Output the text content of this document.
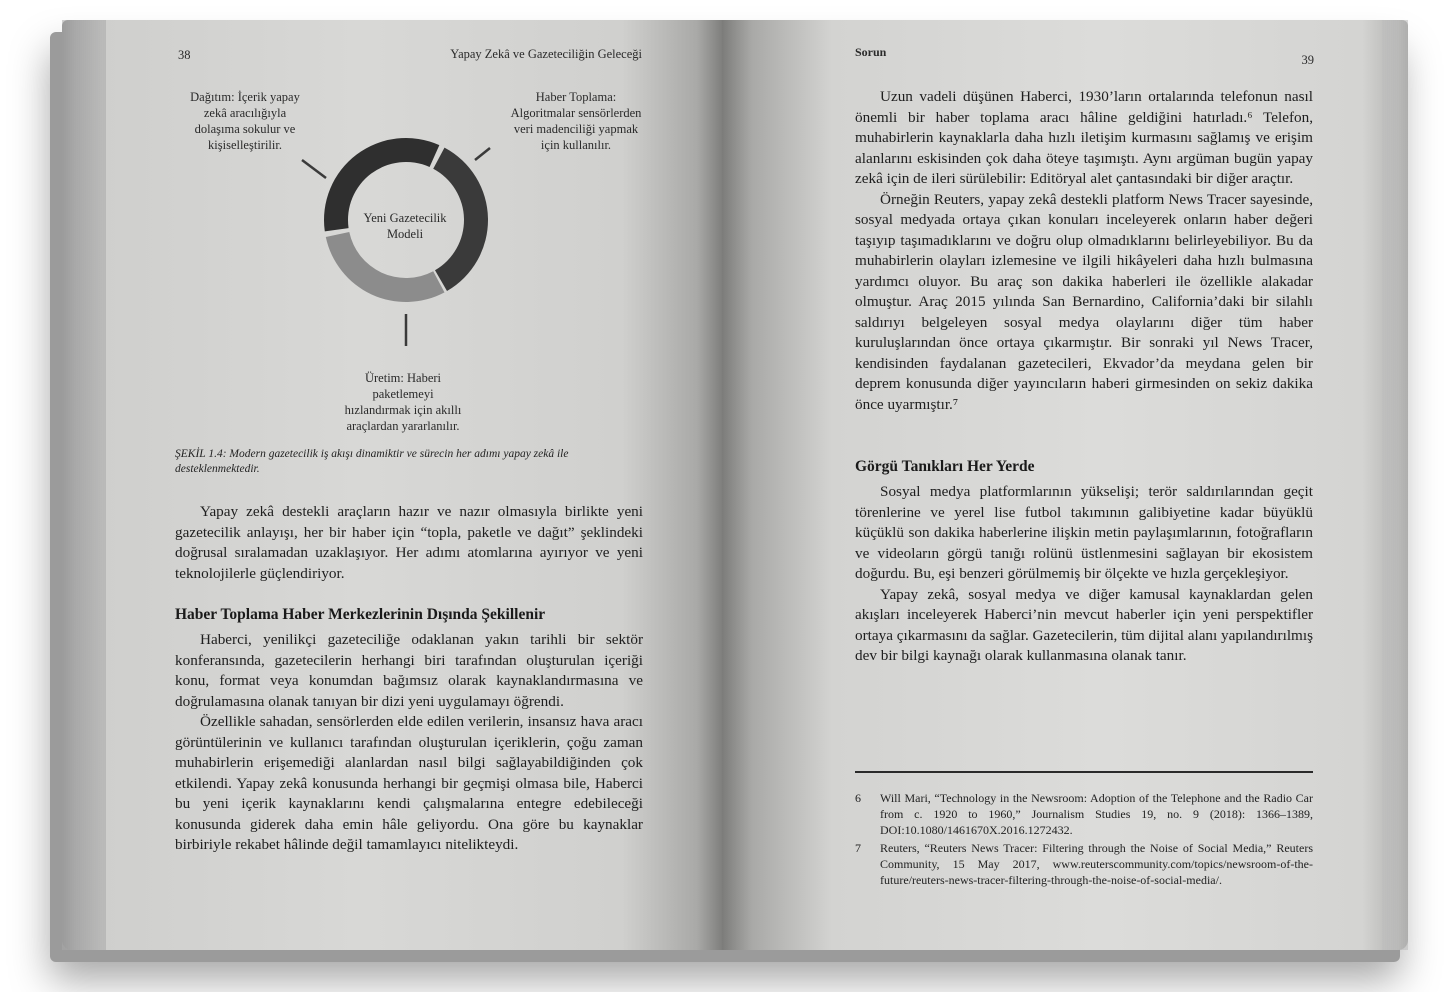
38	Yapay Zekâ ve Gazeteciliğin Geleceği
Yeni Gazetecilik Modeli
Dağıtım: İçerik yapay zekâ aracılığıyla dolaşıma sokulur ve kişiselleştirilir.
Haber Toplama: Algoritmalar sensörlerden veri madenciliği yapmak için kullanılır.
Üretim: Haberi paketlemeyi hızlandırmak için akıllı araçlardan yararlanılır.
ŞEKİL 1.4: Modern gazetecilik iş akışı dinamiktir ve sürecin her adımı yapay zekâ ile desteklenmektedir.

Yapay zekâ destekli araçların hazır ve nazır olmasıyla birlikte yeni gazetecilik anlayışı, her bir haber için “topla, paketle ve dağıt” şeklindeki doğrusal sıralamadan uzaklaşıyor. Her adımı atomlarına ayırıyor ve yeni teknolojilerle güçlendiriyor.

Haber Toplama Haber Merkezlerinin Dışında Şekillenir

Haberci, yenilikçi gazeteciliğe odaklanan yakın tarihli bir sektör konferansında, gazetecilerin herhangi biri tarafından oluşturulan içeriği konu, format veya konumdan bağımsız olarak kaynaklandırmasına ve doğrulamasına olanak tanıyan bir dizi yeni uygulamayı öğrendi.

Özellikle sahadan, sensörlerden elde edilen verilerin, insansız hava aracı görüntülerinin ve kullanıcı tarafından oluşturulan içeriklerin, çoğu zaman muhabirlerin erişemediği alanlardan nasıl bilgi sağlayabildiğinden çok etkilendi. Yapay zekâ konusunda herhangi bir geçmişi olmasa bile, Haberci bu yeni içerik kaynaklarını kendi çalışmalarına entegre edebileceği konusunda giderek daha emin hâle geliyordu. Ona göre bu kaynaklar birbiriyle rekabet hâlinde değil tamamlayıcı nitelikteydi.

Sorun
39

Uzun vadeli düşünen Haberci, 1930’ların ortalarında telefonun nasıl önemli bir haber toplama aracı hâline geldiğini hatırladı.⁶ Telefon, muhabirlerin kaynaklarla daha hızlı iletişim kurmasını sağlamış ve erişim alanlarını eskisinden çok daha öteye taşımıştı. Aynı argüman bugün yapay zekâ için de ileri sürülebilir: Editöryal alet çantasındaki bir diğer araçtır.

Örneğin Reuters, yapay zekâ destekli platform News Tracer sayesinde, sosyal medyada ortaya çıkan konuları inceleyerek onların haber değeri taşıyıp taşımadıklarını ve doğru olup olmadıklarını belirleyebiliyor. Bu da muhabirlerin olayları izlemesine ve ilgili hikâyeleri daha hızlı bulmasına yardımcı oluyor. Bu araç son dakika haberleri ile özellikle alakadar olmuştur. Araç 2015 yılında San Bernardino, California’daki bir silahlı saldırıyı belgeleyen sosyal medya olaylarını diğer tüm haber kuruluşlarından önce ortaya çıkarmıştır. Bir sonraki yıl News Tracer, kendisinden faydalanan gazetecileri, Ekvador’da meydana gelen bir deprem konusunda diğer yayıncıların haberi girmesinden on sekiz dakika önce uyarmıştır.⁷

Görgü Tanıkları Her Yerde

Sosyal medya platformlarının yükselişi; terör saldırılarından geçit törenlerine ve yerel lise futbol takımının galibiyetine kadar büyüklü küçüklü son dakika haberlerine ilişkin metin paylaşımlarının, fotoğrafların ve videoların görgü tanığı rolünü üstlenmesini sağlayan bir ekosistem doğurdu. Bu, eşi benzeri görülmemiş bir ölçekte ve hızla gerçekleşiyor.

Yapay zekâ, sosyal medya ve diğer kamusal kaynaklardan gelen akışları inceleyerek Haberci’nin mevcut haberler için yeni perspektifler ortaya çıkarmasını da sağlar. Gazetecilerin, tüm dijital alanı yapılandırılmış dev bir bilgi kaynağı olarak kullanmasına olanak tanır.

6 Will Mari, “Technology in the Newsroom: Adoption of the Telephone and the Radio Car from c. 1920 to 1960,” Journalism Studies 19, no. 9 (2018): 1366–1389, DOI:10.1080/1461670X.2016.1272432.
7 Reuters, “Reuters News Tracer: Filtering through the Noise of Social Media,” Reuters Community, 15 May 2017, www.reuterscommunity.com/topics/newsroom-of-the-future/reuters-news-tracer-filtering-through-the-noise-of-social-media/.
